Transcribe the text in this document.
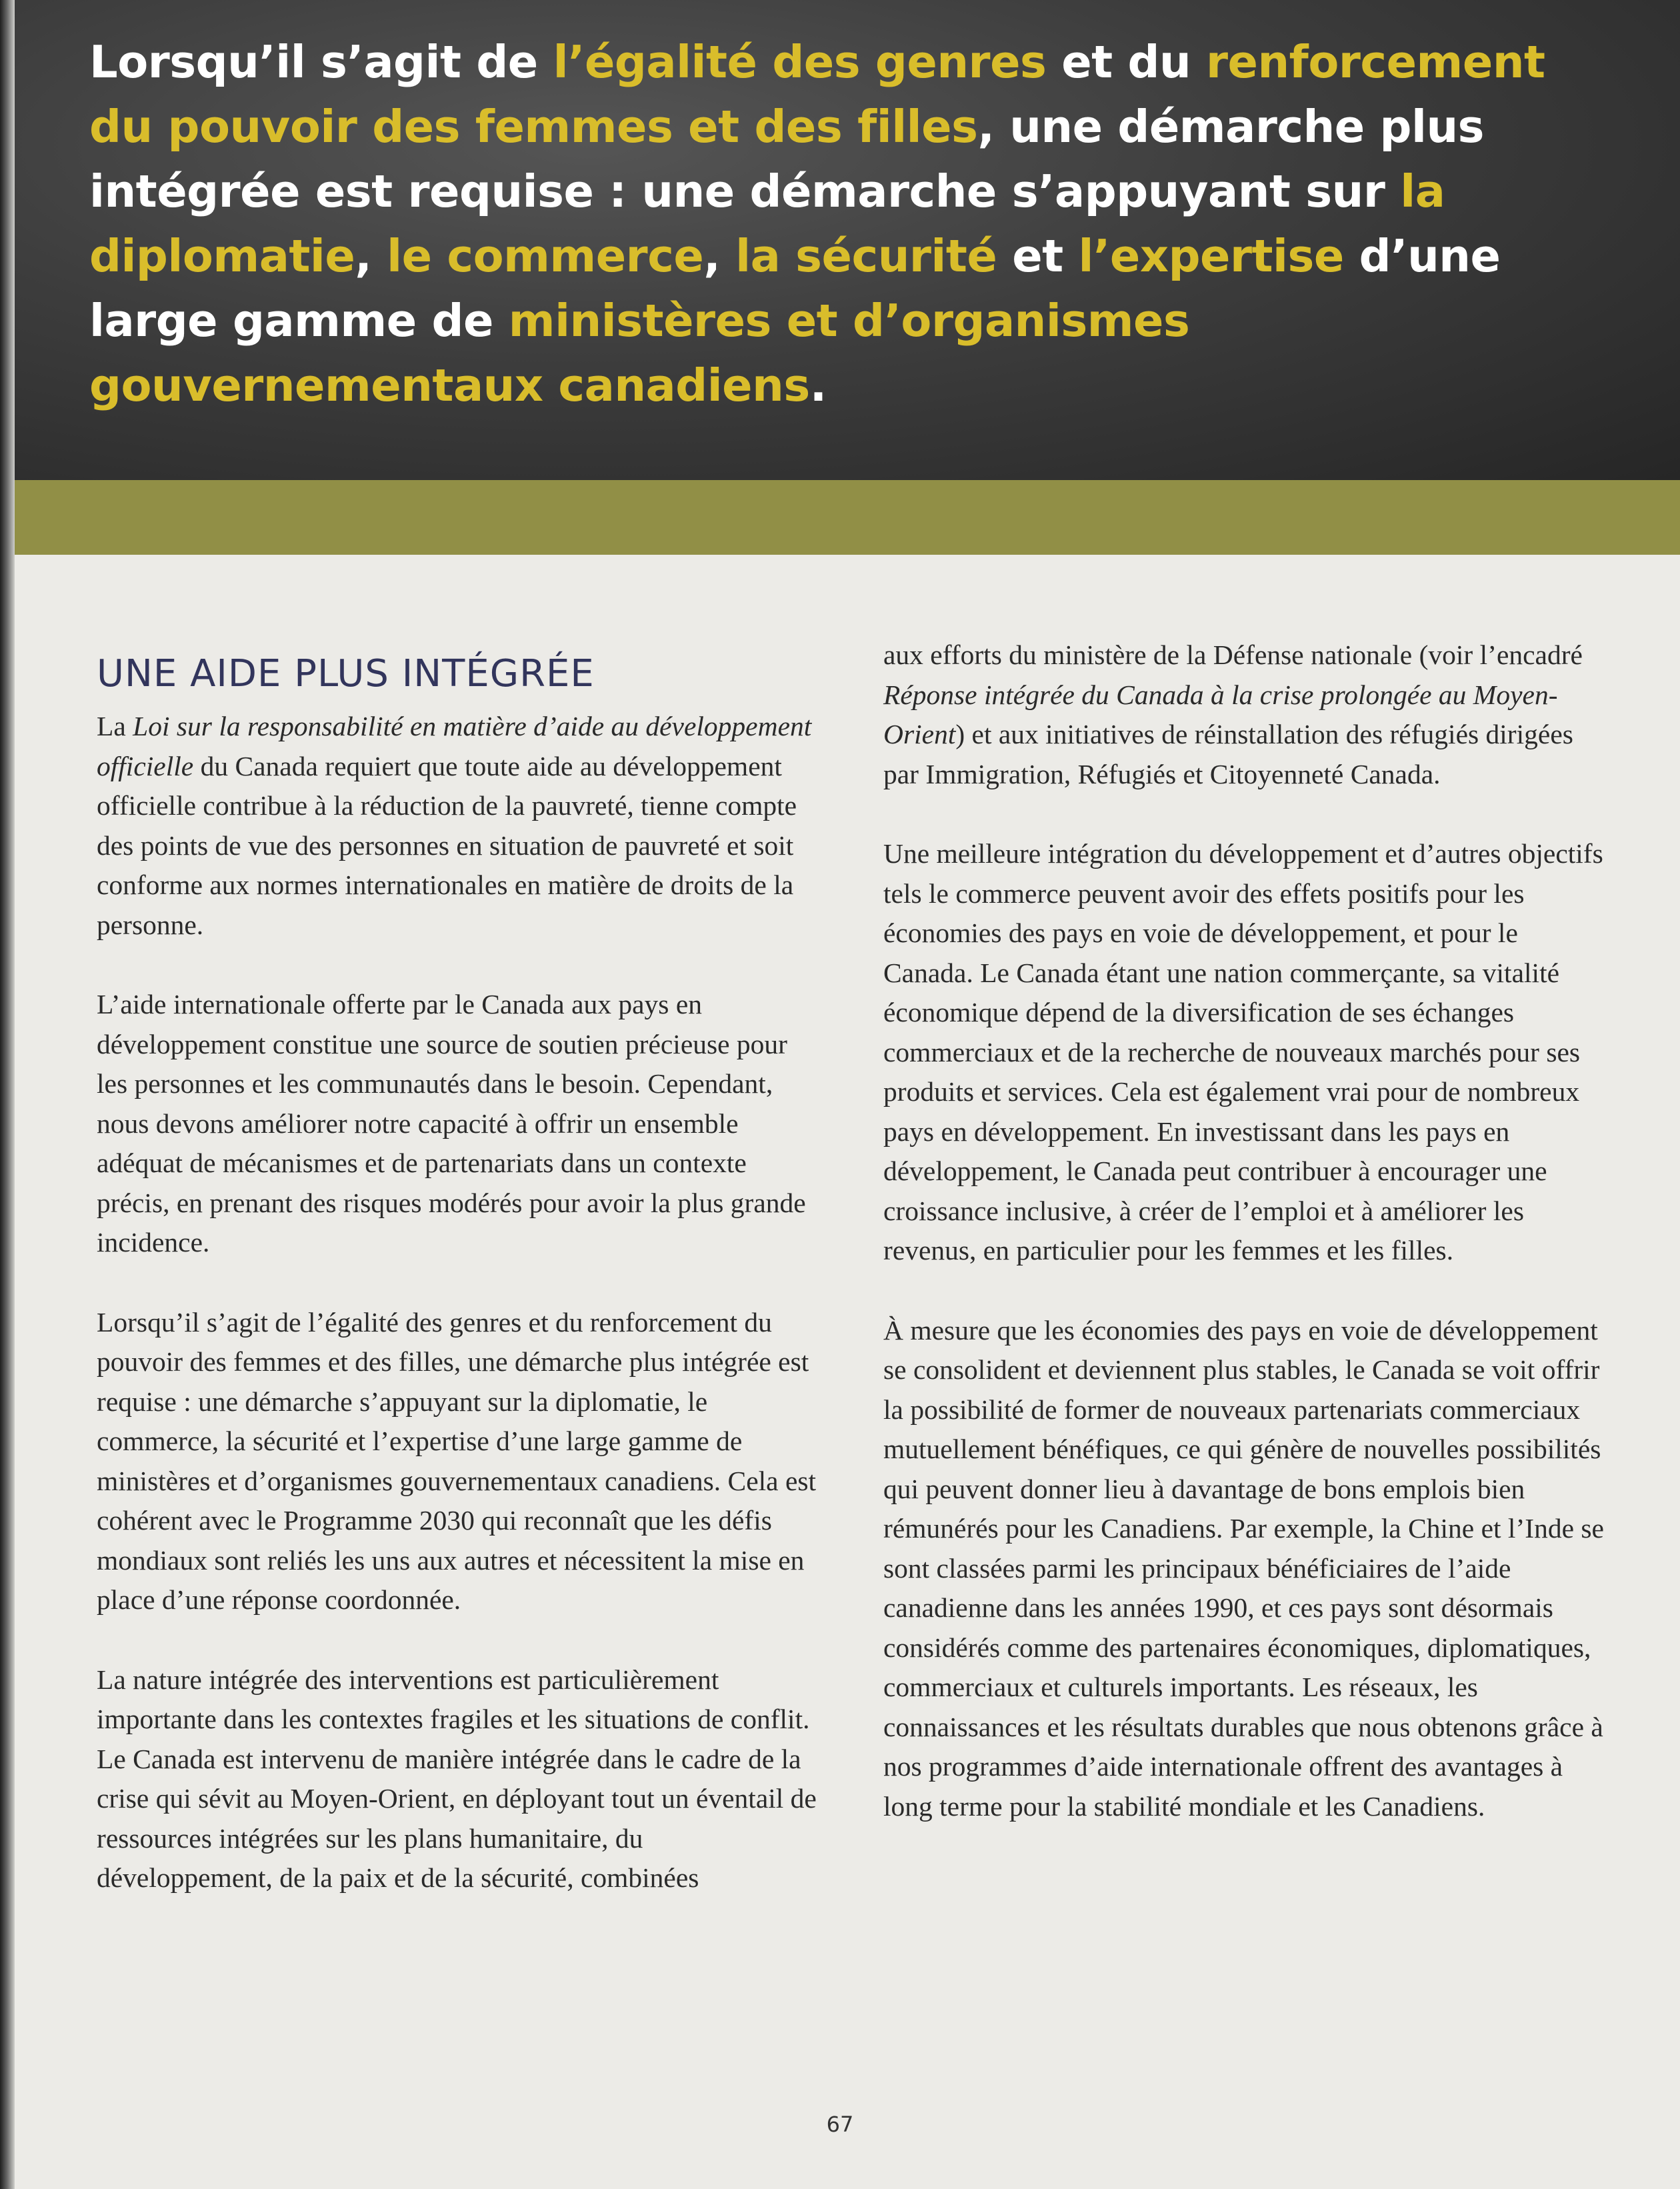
Lorsqu’il s’agit de l’égalité des genres et du renforcement du pouvoir des femmes et des filles, une démarche plus intégrée est requise : une démarche s’appuyant sur la diplomatie, le commerce, la sécurité et l’expertise d’une large gamme de ministères et d’organismes gouvernementaux canadiens.

UNE AIDE PLUS INTÉGRÉE

La Loi sur la responsabilité en matière d’aide au développement officielle du Canada requiert que toute aide au développement officielle contribue à la réduction de la pauvreté, tienne compte des points de vue des personnes en situation de pauvreté et soit conforme aux normes internationales en matière de droits de la personne.

L’aide internationale offerte par le Canada aux pays en développement constitue une source de soutien précieuse pour les personnes et les communautés dans le besoin. Cependant, nous devons améliorer notre capacité à offrir un ensemble adéquat de mécanismes et de partenariats dans un contexte précis, en prenant des risques modérés pour avoir la plus grande incidence.

Lorsqu’il s’agit de l’égalité des genres et du renforcement du pouvoir des femmes et des filles, une démarche plus intégrée est requise : une démarche s’appuyant sur la diplomatie, le commerce, la sécurité et l’expertise d’une large gamme de ministères et d’organismes gouvernementaux canadiens. Cela est cohérent avec le Programme 2030 qui reconnaît que les défis mondiaux sont reliés les uns aux autres et nécessitent la mise en place d’une réponse coordonnée.

La nature intégrée des interventions est particulièrement importante dans les contextes fragiles et les situations de conflit. Le Canada est intervenu de manière intégrée dans le cadre de la crise qui sévit au Moyen-Orient, en déployant tout un éventail de ressources intégrées sur les plans humanitaire, du développement, de la paix et de la sécurité, combinées

aux efforts du ministère de la Défense nationale (voir l’encadré Réponse intégrée du Canada à la crise prolongée au Moyen-Orient) et aux initiatives de réinstallation des réfugiés dirigées par Immigration, Réfugiés et Citoyenneté Canada.

Une meilleure intégration du développement et d’autres objectifs tels le commerce peuvent avoir des effets positifs pour les économies des pays en voie de développement, et pour le Canada. Le Canada étant une nation commerçante, sa vitalité économique dépend de la diversification de ses échanges commerciaux et de la recherche de nouveaux marchés pour ses produits et services. Cela est également vrai pour de nombreux pays en développement. En investissant dans les pays en développement, le Canada peut contribuer à encourager une croissance inclusive, à créer de l’emploi et à améliorer les revenus, en particulier pour les femmes et les filles.

À mesure que les économies des pays en voie de développement se consolident et deviennent plus stables, le Canada se voit offrir la possibilité de former de nouveaux partenariats commerciaux mutuellement bénéfiques, ce qui génère de nouvelles possibilités qui peuvent donner lieu à davantage de bons emplois bien rémunérés pour les Canadiens. Par exemple, la Chine et l’Inde se sont classées parmi les principaux bénéficiaires de l’aide canadienne dans les années 1990, et ces pays sont désormais considérés comme des partenaires économiques, diplomatiques, commerciaux et culturels importants. Les réseaux, les connaissances et les résultats durables que nous obtenons grâce à nos programmes d’aide internationale offrent des avantages à long terme pour la stabilité mondiale et les Canadiens.

67
